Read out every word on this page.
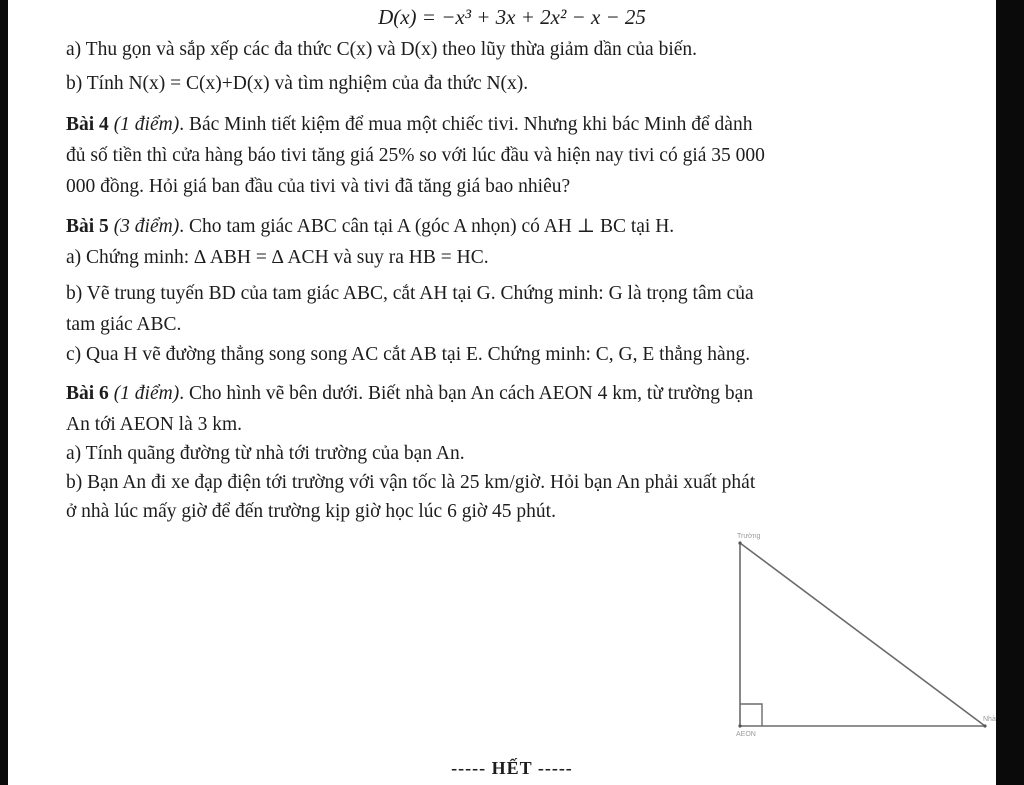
D(x) = −x³ + 3x + 2x² − x − 25
a) Thu gọn và sắp xếp các đa thức C(x) và D(x) theo lũy thừa giảm dần của biến.
b) Tính N(x) = C(x)+D(x) và tìm nghiệm của đa thức N(x).
Bài 4 (1 điểm). Bác Minh tiết kiệm để mua một chiếc tivi. Nhưng khi bác Minh để dành
đủ số tiền thì cửa hàng báo tivi tăng giá 25% so với lúc đầu và hiện nay tivi có giá 35 000
000 đồng. Hỏi giá ban đầu của tivi và tivi đã tăng giá bao nhiêu?
Bài 5 (3 điểm). Cho tam giác ABC cân tại A (góc A nhọn) có AH ⊥ BC tại H.
a) Chứng minh: ∆ ABH = ∆ ACH và suy ra HB = HC.
b) Vẽ trung tuyến BD của tam giác ABC, cắt AH tại G. Chứng minh: G là trọng tâm của
tam giác ABC.
c) Qua H vẽ đường thẳng song song AC cắt AB tại E. Chứng minh: C, G, E thẳng hàng.
Bài 6 (1 điểm). Cho hình vẽ bên dưới. Biết nhà bạn An cách AEON 4 km, từ trường bạn
An tới AEON là 3 km.
a) Tính quãng đường từ nhà tới trường của bạn An.
b) Bạn An đi xe đạp điện tới trường với vận tốc là 25 km/giờ. Hỏi bạn An phải xuất phát
ở nhà lúc mấy giờ để đến trường kịp giờ học lúc 6 giờ 45 phút.
Trường
Nhà
AEON
----- HẾT -----
